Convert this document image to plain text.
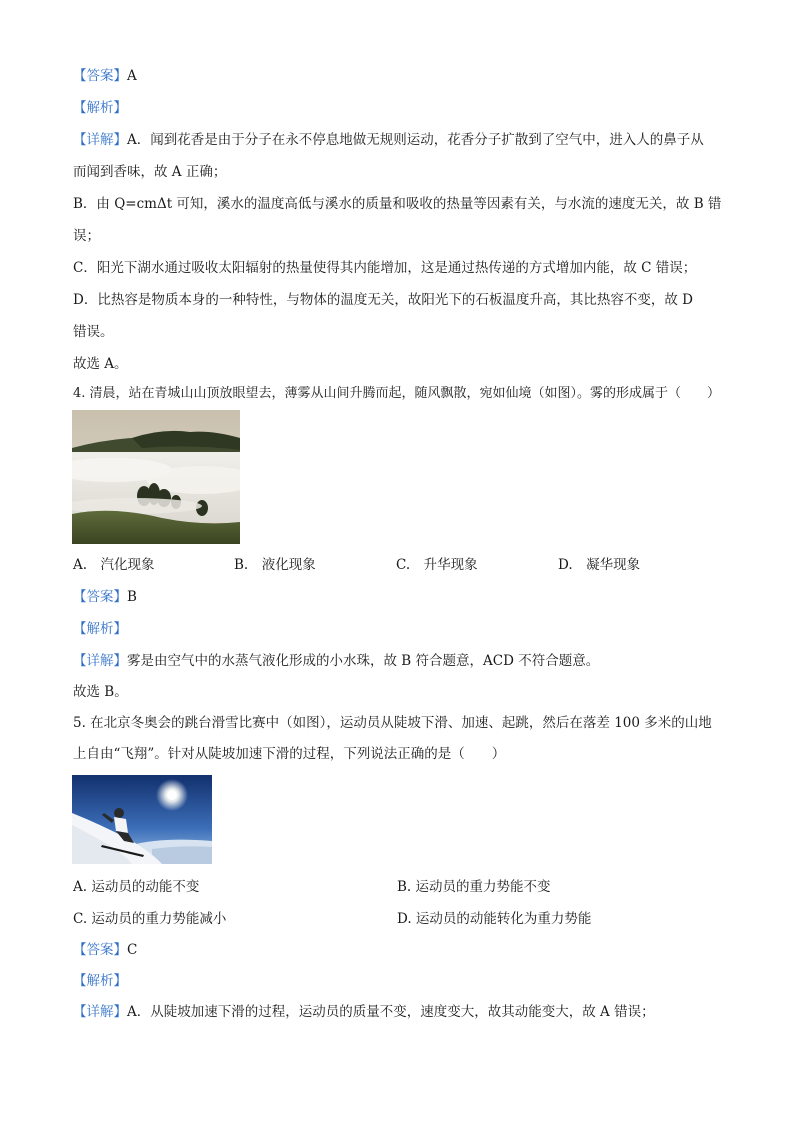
【答案】A
【解析】
【详解】A．闻到花香是由于分子在永不停息地做无规则运动，花香分子扩散到了空气中，进入人的鼻子从
而闻到香味，故 A 正确；
B．由 Q=cmΔt 可知，溪水的温度高低与溪水的质量和吸收的热量等因素有关，与水流的速度无关，故 B 错
误；
C．阳光下湖水通过吸收太阳辐射的热量使得其内能增加，这是通过热传递的方式增加内能，故 C 错误；
D．比热容是物质本身的一种特性，与物体的温度无关，故阳光下的石板温度升高，其比热容不变，故 D
错误。
故选 A。
4. 清晨，站在青城山山顶放眼望去，薄雾从山间升腾而起，随风飘散，宛如仙境（如图）。雾的形成属于（　　）
A.　汽化现象	B.　液化现象	C.　升华现象	D.　凝华现象
【答案】B
【解析】
【详解】雾是由空气中的水蒸气液化形成的小水珠，故 B 符合题意，ACD 不符合题意。
故选 B。
5. 在北京冬奥会的跳台滑雪比赛中（如图），运动员从陡坡下滑、加速、起跳，然后在落差 100 多米的山地
上自由“飞翔”。针对从陡坡加速下滑的过程，下列说法正确的是（　　）
A. 运动员的动能不变	B. 运动员的重力势能不变
C. 运动员的重力势能减小	D. 运动员的动能转化为重力势能
【答案】C
【解析】
【详解】A．从陡坡加速下滑的过程，运动员的质量不变，速度变大，故其动能变大，故 A 错误；
